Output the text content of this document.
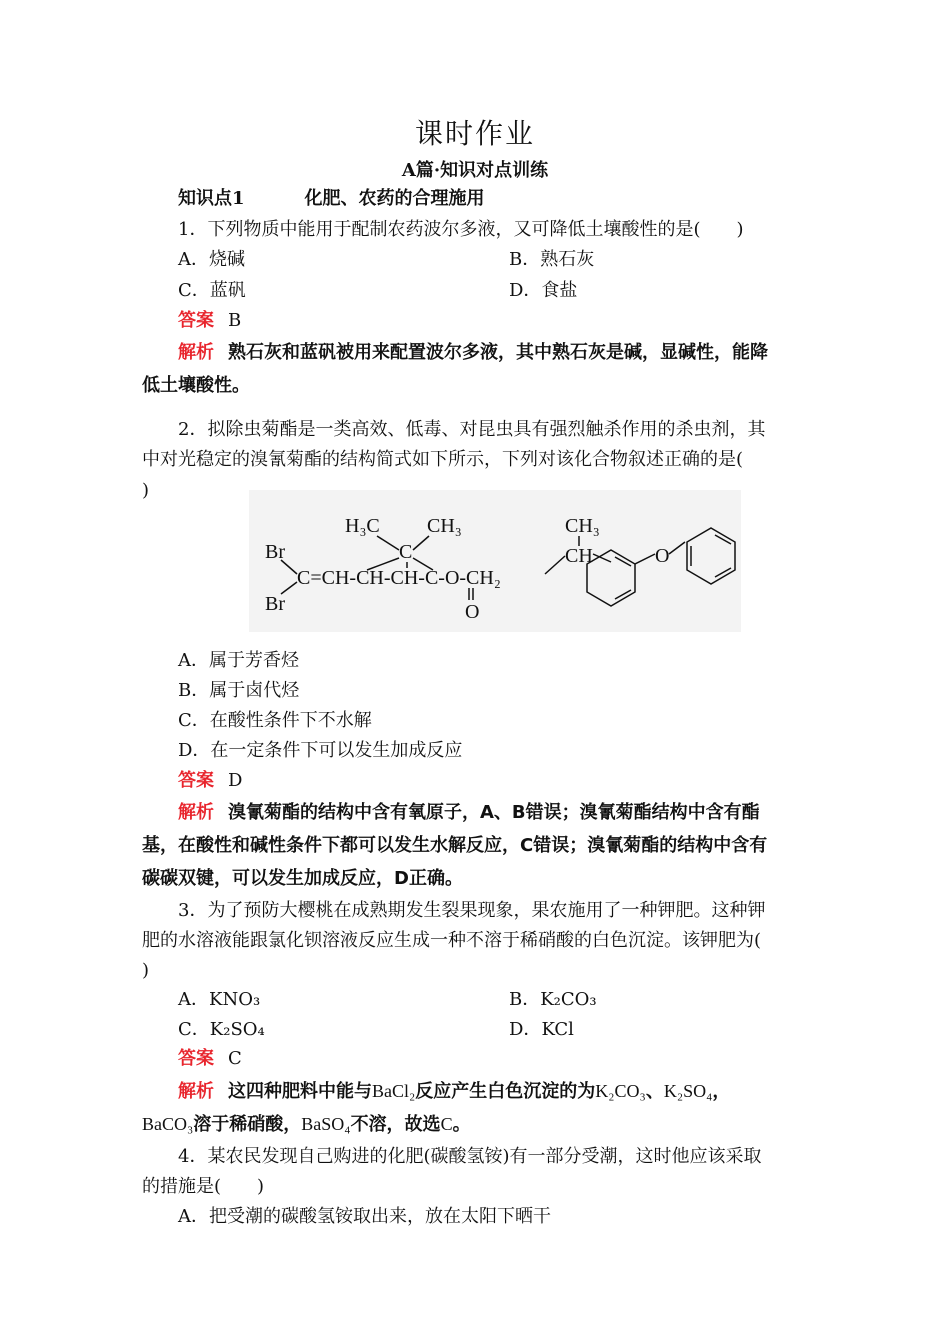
课时作业
A篇·知识对点训练
知识点1	化肥、农药的合理施用
1．下列物质中能用于配制农药波尔多液，又可降低土壤酸性的是(　　)
A．烧碱	B．熟石灰
C．蓝矾	D．食盐
答案 B
解析 熟石灰和蓝矾被用来配置波尔多液，其中熟石灰是碱，显碱性，能降
低土壤酸性。
2．拟除虫菊酯是一类高效、低毒、对昆虫具有强烈触杀作用的杀虫剂，其
中对光稳定的溴氰菊酯的结构简式如下所示，下列对该化合物叙述正确的是(
)
Br
Br
H₃C CH₃
C
C=CH-CH-CH-C-O-CH₂
O
CH₃
CH	O
A．属于芳香烃
B．属于卤代烃
C．在酸性条件下不水解
D．在一定条件下可以发生加成反应
答案 D
解析 溴氰菊酯的结构中含有氧原子，A、B错误；溴氰菊酯结构中含有酯
基，在酸性和碱性条件下都可以发生水解反应，C错误；溴氰菊酯的结构中含有
碳碳双键，可以发生加成反应，D正确。
3．为了预防大樱桃在成熟期发生裂果现象，果农施用了一种钾肥。这种钾
肥的水溶液能跟氯化钡溶液反应生成一种不溶于稀硝酸的白色沉淀。该钾肥为(
)
A．KNO₃	B．K₂CO₃
C．K₂SO₄	D．KCl
答案 C
解析 这四种肥料中能与BaCl₂反应产生白色沉淀的为K₂CO₃、K₂SO₄，
BaCO₃溶于稀硝酸，BaSO₄不溶，故选C。
4．某农民发现自己购进的化肥(碳酸氢铵)有一部分受潮，这时他应该采取
的措施是(　　)
A．把受潮的碳酸氢铵取出来，放在太阳下晒干
